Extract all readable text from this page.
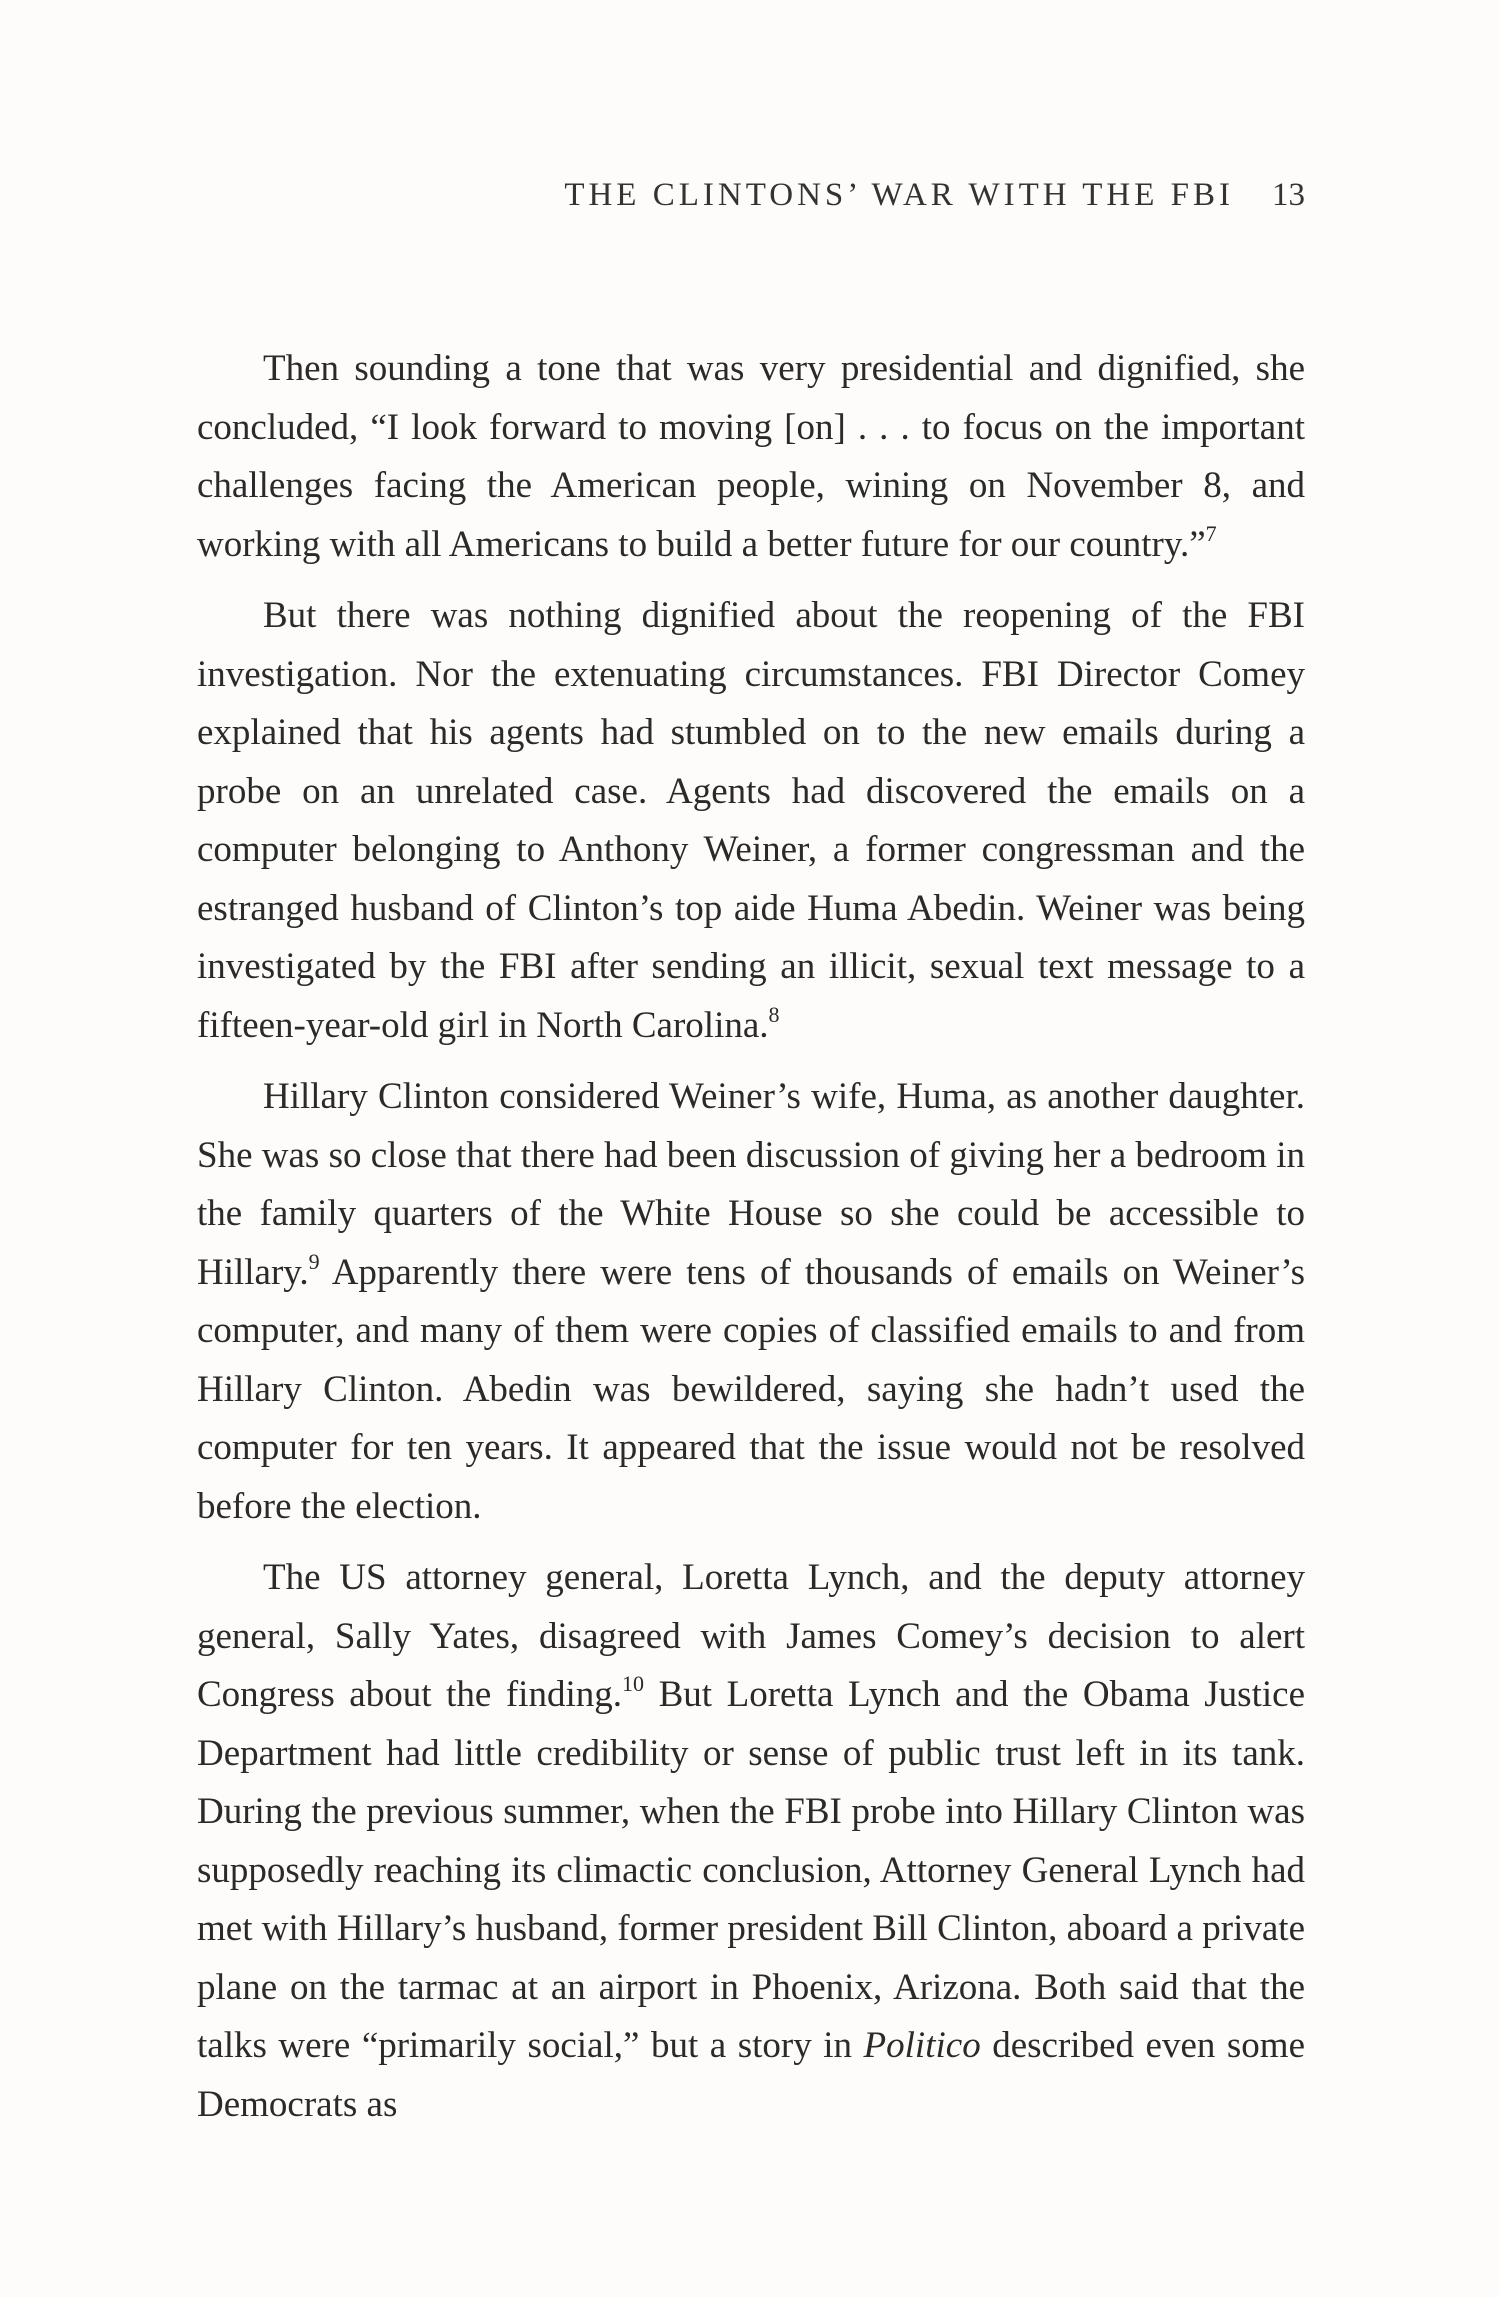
THE CLINTONS’ WAR WITH THE FBI 13

Then sounding a tone that was very presidential and dignified, she concluded, “I look forward to moving [on] . . . to focus on the important challenges facing the American people, wining on November 8, and working with all Americans to build a better future for our country.”$^7$

But there was nothing dignified about the reopening of the FBI investigation. Nor the extenuating circumstances. FBI Director Comey explained that his agents had stumbled on to the new emails during a probe on an unrelated case. Agents had discovered the emails on a computer belonging to Anthony Weiner, a former congressman and the estranged husband of Clinton’s top aide Huma Abedin. Weiner was being investigated by the FBI after sending an illicit, sexual text message to a fifteen-year-old girl in North Carolina.$^8$

Hillary Clinton considered Weiner’s wife, Huma, as another daughter. She was so close that there had been discussion of giving her a bedroom in the family quarters of the White House so she could be accessible to Hillary.$^9$ Apparently there were tens of thousands of emails on Weiner’s computer, and many of them were copies of classified emails to and from Hillary Clinton. Abedin was bewildered, saying she hadn’t used the computer for ten years. It appeared that the issue would not be resolved before the election.

The US attorney general, Loretta Lynch, and the deputy attorney general, Sally Yates, disagreed with James Comey’s decision to alert Congress about the finding.$^{10}$ But Loretta Lynch and the Obama Justice Department had little credibility or sense of public trust left in its tank. During the previous summer, when the FBI probe into Hillary Clinton was supposedly reaching its climactic conclusion, Attorney General Lynch had met with Hillary’s husband, former president Bill Clinton, aboard a private plane on the tarmac at an airport in Phoenix, Arizona. Both said that the talks were “primarily social,” but a story in Politico described even some Democrats as
